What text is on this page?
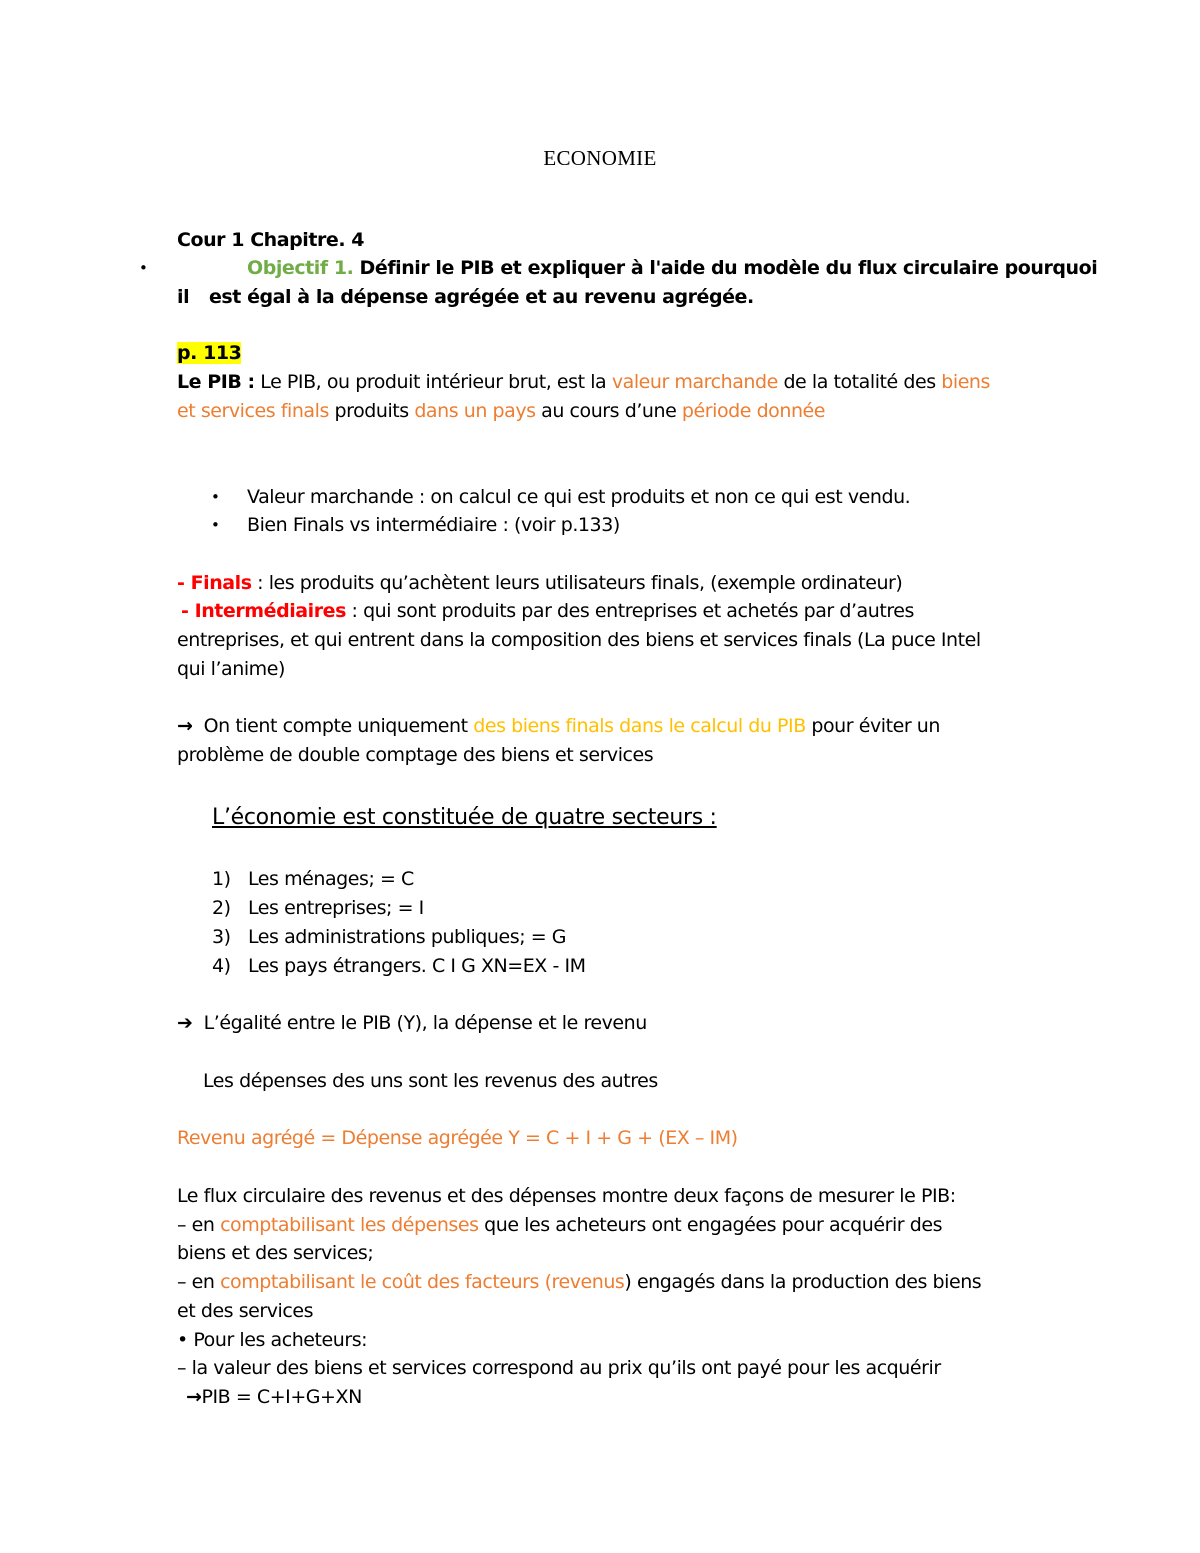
ECONOMIE
Cour 1 Chapitre. 4
•	Objectif 1. Définir le PIB et expliquer à l'aide du modèle du flux circulaire pourquoi
il est égal à la dépense agrégée et au revenu agrégée.
p. 113
Le PIB : Le PIB, ou produit intérieur brut, est la valeur marchande de la totalité des biens
et services finals produits dans un pays au cours d’une période donnée
• Valeur marchande : on calcul ce qui est produits et non ce qui est vendu.
• Bien Finals vs intermédiaire : (voir p.133)
- Finals : les produits qu’achètent leurs utilisateurs finals, (exemple ordinateur)
- Intermédiaires : qui sont produits par des entreprises et achetés par d’autres
entreprises, et qui entrent dans la composition des biens et services finals (La puce Intel
qui l’anime)
→ On tient compte uniquement des biens finals dans le calcul du PIB pour éviter un
problème de double comptage des biens et services
L’économie est constituée de quatre secteurs :
1) Les ménages; = C
2) Les entreprises; = I
3) Les administrations publiques; = G
4) Les pays étrangers. C I G XN=EX - IM
➔ L’égalité entre le PIB (Y), la dépense et le revenu
Les dépenses des uns sont les revenus des autres
Revenu agrégé = Dépense agrégée Y = C + I + G + (EX – IM)
Le flux circulaire des revenus et des dépenses montre deux façons de mesurer le PIB:
– en comptabilisant les dépenses que les acheteurs ont engagées pour acquérir des
biens et des services;
– en comptabilisant le coût des facteurs (revenus) engagés dans la production des biens
et des services
• Pour les acheteurs:
– la valeur des biens et services correspond au prix qu’ils ont payé pour les acquérir
→PIB = C+I+G+XN
